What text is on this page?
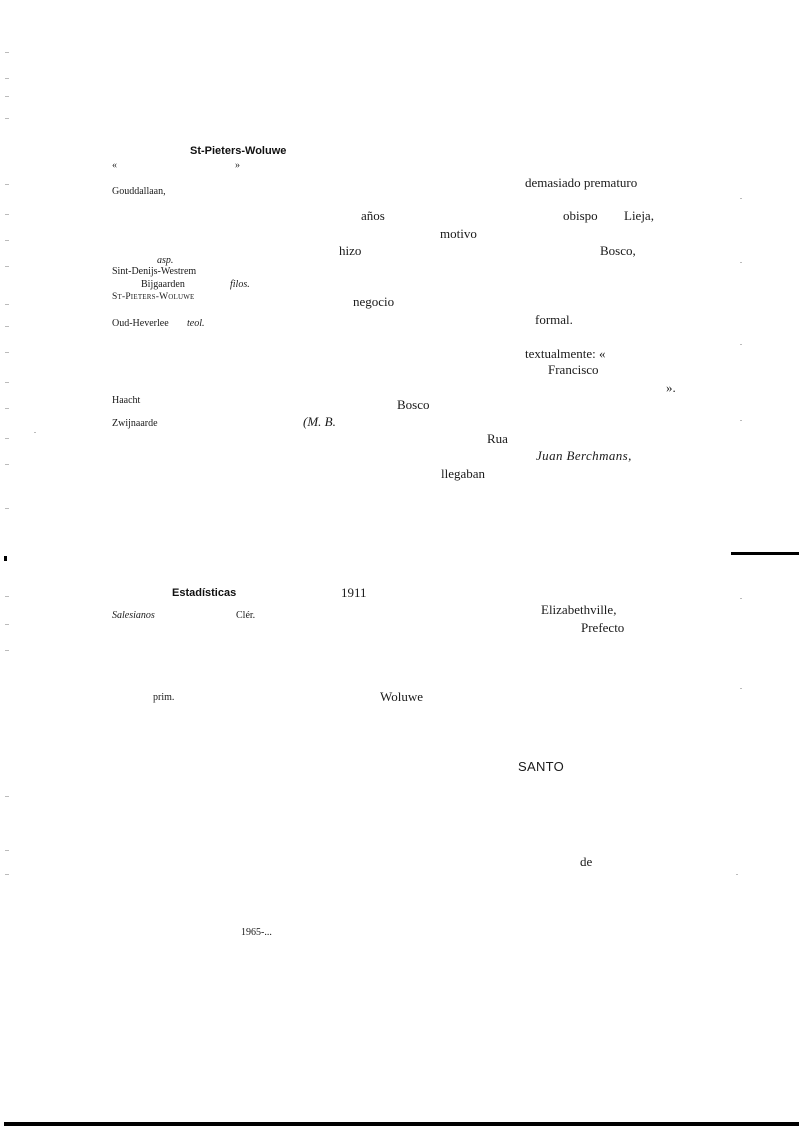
St-Pieters-Woluwe
«	»
Gouddallaan,
asp.
Sint-Denijs-Westrem
Bijgaarden	filos.
St-Pieters-Woluwe
Oud-Heverlee teol.
Haacht
Zwijnaarde
Estadísticas
Salesianos	Clér.
prim.
1965-...
años
motivo
hizo
negocio
Bosco
(M. B.
Rua
llegaban
1911
Woluwe
demasiado prematuro
obispo Lieja,
Bosco,
formal.
textualmente: «
Francisco
».
Juan Berchmans,
Elizabethville,
Prefecto
SANTO
de
